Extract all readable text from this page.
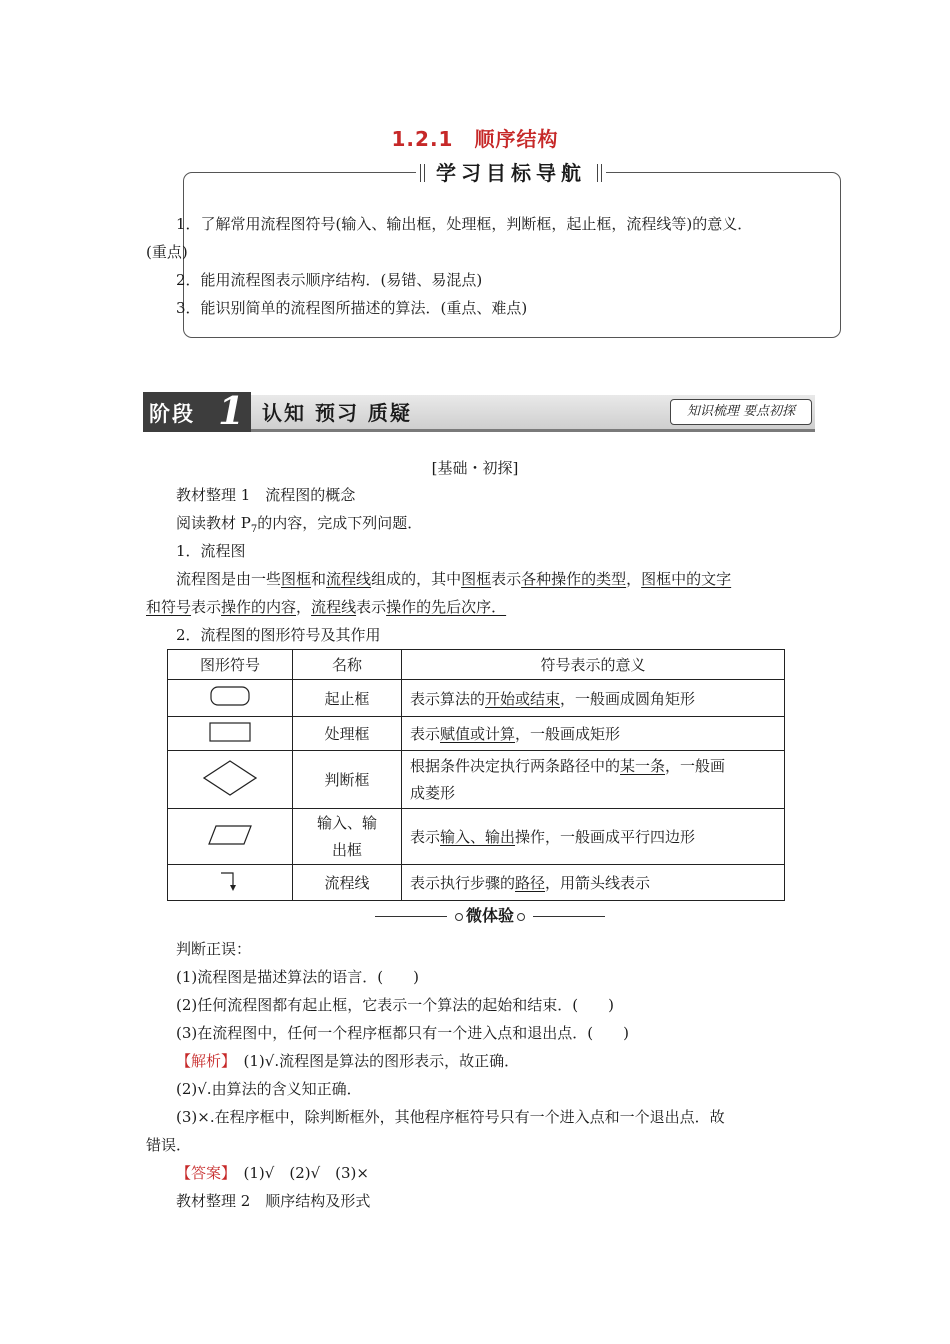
1.2.1　顺序结构
学习目标导航
1．了解常用流程图符号(输入、输出框，处理框，判断框，起止框，流程线等)的意义．
(重点)
2．能用流程图表示顺序结构．(易错、易混点)
3．能识别简单的流程图所描述的算法．(重点、难点)
阶段 1 认知 预习 质疑	知识梳理 要点初探
[基础・初探]
教材整理 1　流程图的概念
阅读教材 $P_7$的内容，完成下列问题．
1．流程图
流程图是由一些图框和流程线组成的，其中图框表示各种操作的类型，图框中的文字
和符号表示操作的内容，流程线表示操作的先后次序．
2．流程图的图形符号及其作用
图形符号	名称	符号表示的意义
	起止框	表示算法的开始或结束，一般画成圆角矩形
	处理框	表示赋值或计算，一般画成矩形
	判断框	根据条件决定执行两条路径中的某一条，一般画
成菱形
	输入、输
出框	表示输入、输出操作，一般画成平行四边形
	流程线	表示执行步骤的路径，用箭头线表示
微体验
判断正误：
(1)流程图是描述算法的语言．(　　)
(2)任何流程图都有起止框，它表示一个算法的起始和结束．(　　)
(3)在流程图中，任何一个程序框都只有一个进入点和退出点．(　　)
【解析】　 (1)√.流程图是算法的图形表示，故正确．
(2)√.由算法的含义知正确．
(3)×.在程序框中，除判断框外，其他程序框符号只有一个进入点和一个退出点．故
错误．
【答案】　 (1)√　(2)√　(3)×
教材整理 2　顺序结构及形式
